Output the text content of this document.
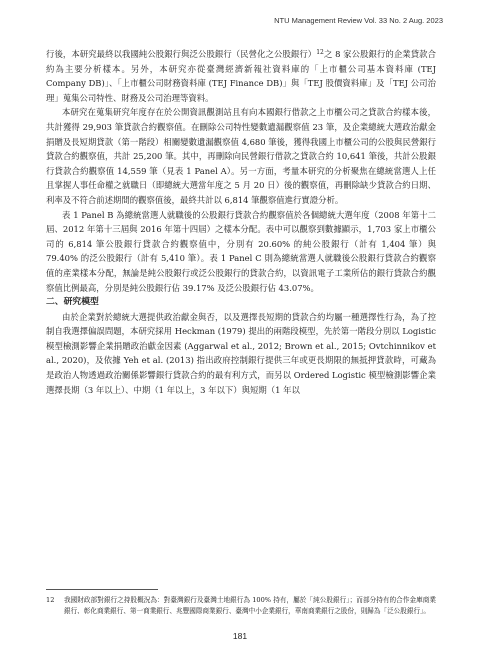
NTU Management Review Vol. 33 No. 2 Aug. 2023

行後，本研究最終以我國純公股銀行與泛公股銀行（民營化之公股銀行）$^{12}$之 8 家公股銀行的企業貸款合約為主要分析樣本。另外，本研究亦從臺灣經濟新報社資料庫的「上市櫃公司基本資料庫 (TEJ Company DB)」、「上市櫃公司財務資料庫 (TEJ Finance DB)」與「TEJ 股價資料庫」及「TEJ 公司治理」蒐集公司特性、財務及公司治理等資料。

本研究在蒐集研究年度存在於公開資訊觀測站且有向本國銀行借款之上市櫃公司之貸款合約樣本後，共計獲得 29,903 筆貸款合約觀察值。在刪除公司特性變數遺漏觀察值 23 筆，及企業總統大選政治獻金捐贈及長短期貸款（第一階段）相關變數遺漏觀察值 4,680 筆後，獲得我國上市櫃公司的公股與民營銀行貸款合約觀察值，共計 25,200 筆。其中，再刪除向民營銀行借款之貸款合約 10,641 筆後，共計公股銀行貸款合約觀察值 14,559 筆（見表 1 Panel A）。另一方面，考量本研究的分析聚焦在總統當選人上任且掌握人事任命權之就職日（即總統大選當年度之 5 月 20 日）後的觀察值，再刪除缺少貸款合約日期、利率及不符合前述期間的觀察值後，最終共計以 6,814 筆觀察值進行實證分析。

表 1 Panel B 為總統當選人就職後的公股銀行貸款合約觀察值於各個總統大選年度（2008 年第十二屆、2012 年第十三屆與 2016 年第十四屆）之樣本分配。表中可以觀察到數據顯示，1,703 家上市櫃公司的 6,814 筆公股銀行貸款合約觀察值中，分別有 20.60% 的純公股銀行（計有 1,404 筆）與 79.40% 的泛公股銀行（計有 5,410 筆）。表 1 Panel C 則為總統當選人就職後公股銀行貸款合約觀察值的產業樣本分配，無論是純公股銀行或泛公股銀行的貸款合約，以資訊電子工業所佔的銀行貸款合約觀察值比例最高，分別是純公股銀行佔 39.17% 及泛公股銀行佔 43.07%。

二、研究模型

由於企業對於總統大選提供政治獻金與否，以及選擇長短期的貸款合約均屬一種選擇性行為，為了控制自我選擇偏誤問題，本研究採用 Heckman (1979) 提出的兩階段模型，先於第一階段分別以 Logistic 模型檢測影響企業捐贈政治獻金因素 (Aggarwal et al., 2012; Brown et al., 2015; Ovtchinnikov et al., 2020)，及依據 Yeh et al. (2013) 指出政府控制銀行提供三年或更長期限的無抵押貸款時，可藏為是政治人物透過政治關係影響銀行貸款合約的最有利方式，而另以 Ordered Logistic 模型檢測影響企業選擇長期（3 年以上）、中期（1 年以上，3 年以下）與短期（1 年以

12	我國財政部對銀行之持股概況為：對臺灣銀行及臺灣土地銀行為 100% 持有，屬於「純公股銀行」；而部分持有的合作金庫商業銀行、彰化商業銀行、第一商業銀行、兆豐國際商業銀行、臺灣中小企業銀行，華南商業銀行之股份，則歸為「泛公股銀行」。
181
